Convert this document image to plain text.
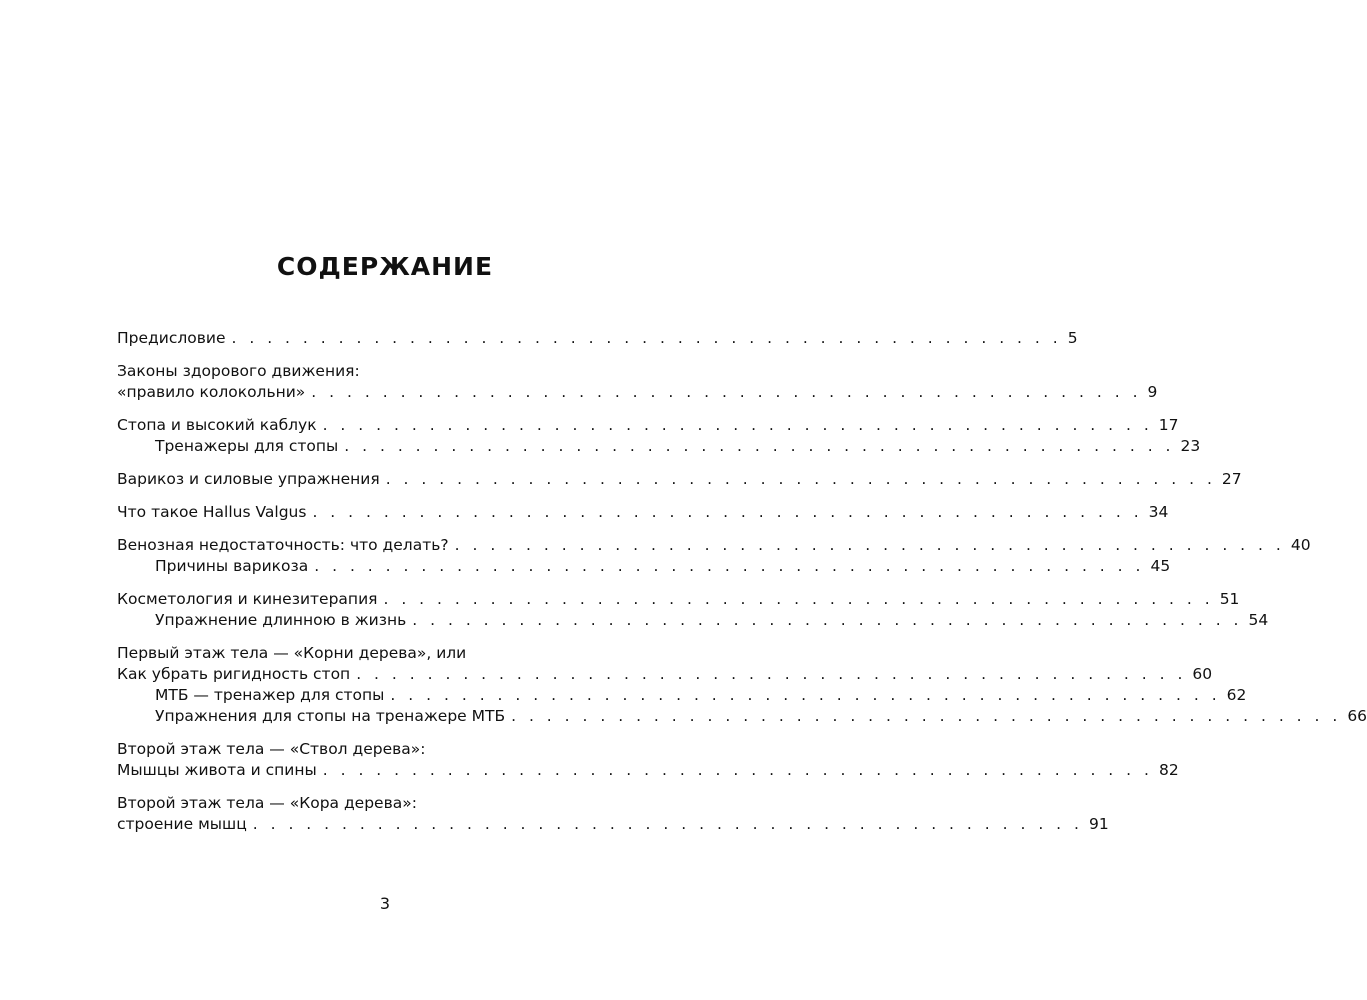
СОДЕРЖАНИЕ
Предисловие . . . . . . . . . . . . . . . . . . . . . . . . . . . . . . . . . . . . . . . . . . . . . . . 5
Законы здорового движения:
«правило колокольни» . . . . . . . . . . . . . . . . . . . . . . . . . . . . . . . . . . . . . . . . . . . . . . . 9
Стопа и высокий каблук . . . . . . . . . . . . . . . . . . . . . . . . . . . . . . . . . . . . . . . . . . . . . . . 17
Тренажеры для стопы . . . . . . . . . . . . . . . . . . . . . . . . . . . . . . . . . . . . . . . . . . . . . . . 23
Варикоз и силовые упражнения . . . . . . . . . . . . . . . . . . . . . . . . . . . . . . . . . . . . . . . . . . . . . . . 27
Что такое Hallus Valgus . . . . . . . . . . . . . . . . . . . . . . . . . . . . . . . . . . . . . . . . . . . . . . . 34
Венозная недостаточность: что делать? . . . . . . . . . . . . . . . . . . . . . . . . . . . . . . . . . . . . . . . . . . . . . . . 40
Причины варикоза . . . . . . . . . . . . . . . . . . . . . . . . . . . . . . . . . . . . . . . . . . . . . . . 45
Косметология и кинезитерапия . . . . . . . . . . . . . . . . . . . . . . . . . . . . . . . . . . . . . . . . . . . . . . . 51
Упражнение длинною в жизнь . . . . . . . . . . . . . . . . . . . . . . . . . . . . . . . . . . . . . . . . . . . . . . . 54
Первый этаж тела — «Корни дерева», или
Как убрать ригидность стоп . . . . . . . . . . . . . . . . . . . . . . . . . . . . . . . . . . . . . . . . . . . . . . . 60
МТБ — тренажер для стопы . . . . . . . . . . . . . . . . . . . . . . . . . . . . . . . . . . . . . . . . . . . . . . . 62
Упражнения для стопы на тренажере МТБ . . . . . . . . . . . . . . . . . . . . . . . . . . . . . . . . . . . . . . . . . . . . . . . 66
Второй этаж тела — «Ствол дерева»:
Мышцы живота и спины . . . . . . . . . . . . . . . . . . . . . . . . . . . . . . . . . . . . . . . . . . . . . . . 82
Второй этаж тела — «Кора дерева»:
строение мышц . . . . . . . . . . . . . . . . . . . . . . . . . . . . . . . . . . . . . . . . . . . . . . . 91
3
